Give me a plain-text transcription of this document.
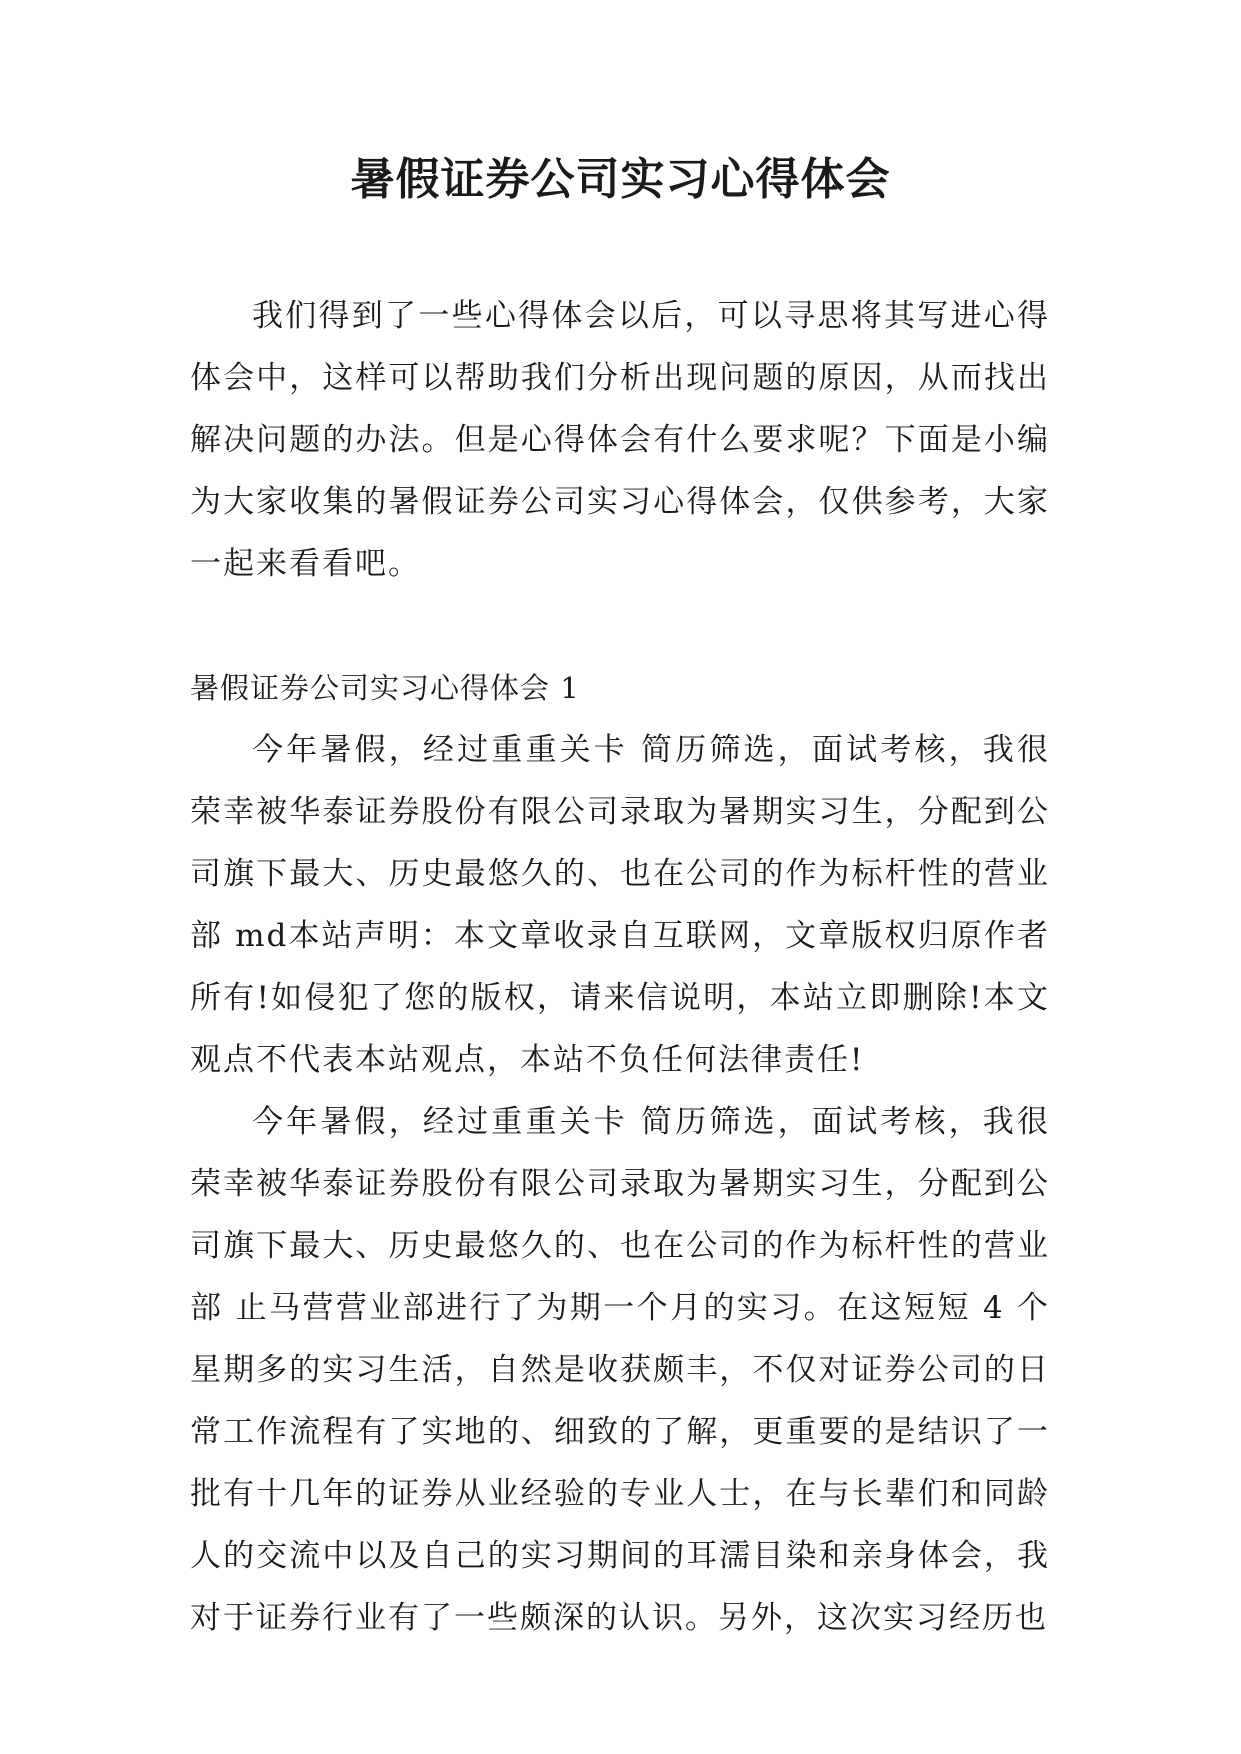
暑假证券公司实习心得体会

我们得到了一些心得体会以后，可以寻思将其写进心得体会中，这样可以帮助我们分析出现问题的原因，从而找出解决问题的办法。但是心得体会有什么要求呢？下面是小编为大家收集的暑假证券公司实习心得体会，仅供参考，大家一起来看看吧。

暑假证券公司实习心得体会 1

今年暑假，经过重重关卡 简历筛选，面试考核，我很荣幸被华泰证券股份有限公司录取为暑期实习生，分配到公司旗下最大、历史最悠久的、也在公司的作为标杆性的营业部 md本站声明：本文章收录自互联网，文章版权归原作者所有!如侵犯了您的版权，请来信说明，本站立即删除!本文观点不代表本站观点，本站不负任何法律责任!

今年暑假，经过重重关卡 简历筛选，面试考核，我很荣幸被华泰证券股份有限公司录取为暑期实习生，分配到公司旗下最大、历史最悠久的、也在公司的作为标杆性的营业部 止马营营业部进行了为期一个月的实习。在这短短 4 个星期多的实习生活，自然是收获颇丰，不仅对证券公司的日常工作流程有了实地的、细致的了解，更重要的是结识了一批有十几年的证券从业经验的专业人士，在与长辈们和同龄人的交流中以及自己的实习期间的耳濡目染和亲身体会，我对于证券行业有了一些颇深的认识。另外，这次实习经历也
